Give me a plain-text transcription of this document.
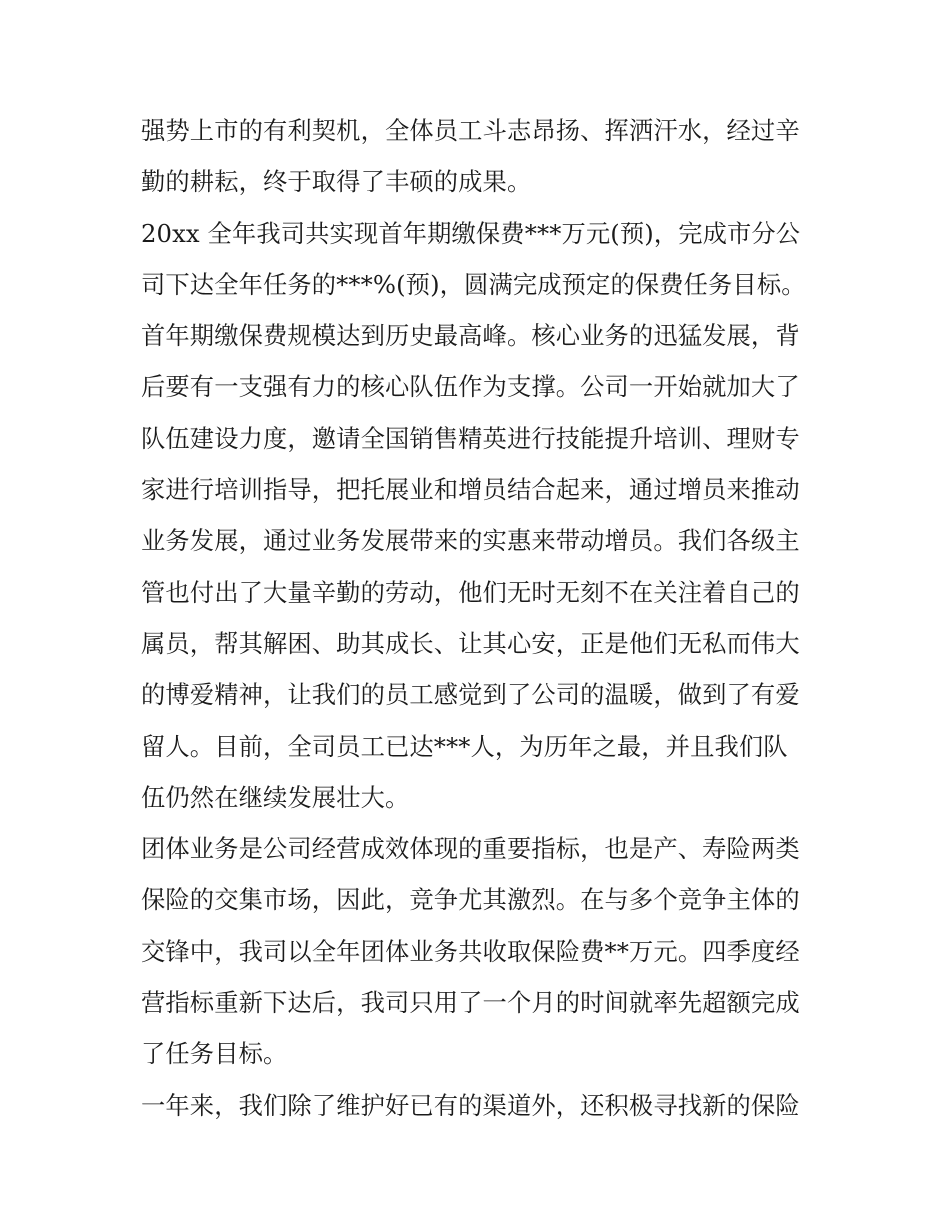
强势上市的有利契机，全体员工斗志昂扬、挥洒汗水，经过辛
勤的耕耘，终于取得了丰硕的成果。
20xx 全年我司共实现首年期缴保费***万元(预)，完成市分公
司下达全年任务的***%(预)，圆满完成预定的保费任务目标。
首年期缴保费规模达到历史最高峰。核心业务的迅猛发展，背
后要有一支强有力的核心队伍作为支撑。公司一开始就加大了
队伍建设力度，邀请全国销售精英进行技能提升培训、理财专
家进行培训指导，把托展业和增员结合起来，通过增员来推动
业务发展，通过业务发展带来的实惠来带动增员。我们各级主
管也付出了大量辛勤的劳动，他们无时无刻不在关注着自己的
属员，帮其解困、助其成长、让其心安，正是他们无私而伟大
的博爱精神，让我们的员工感觉到了公司的温暖，做到了有爱
留人。目前，全司员工已达***人，为历年之最，并且我们队
伍仍然在继续发展壮大。
团体业务是公司经营成效体现的重要指标，也是产、寿险两类
保险的交集市场，因此，竞争尤其激烈。在与多个竞争主体的
交锋中，我司以全年团体业务共收取保险费**万元。四季度经
营指标重新下达后，我司只用了一个月的时间就率先超额完成
了任务目标。
一年来，我们除了维护好已有的渠道外，还积极寻找新的保险
